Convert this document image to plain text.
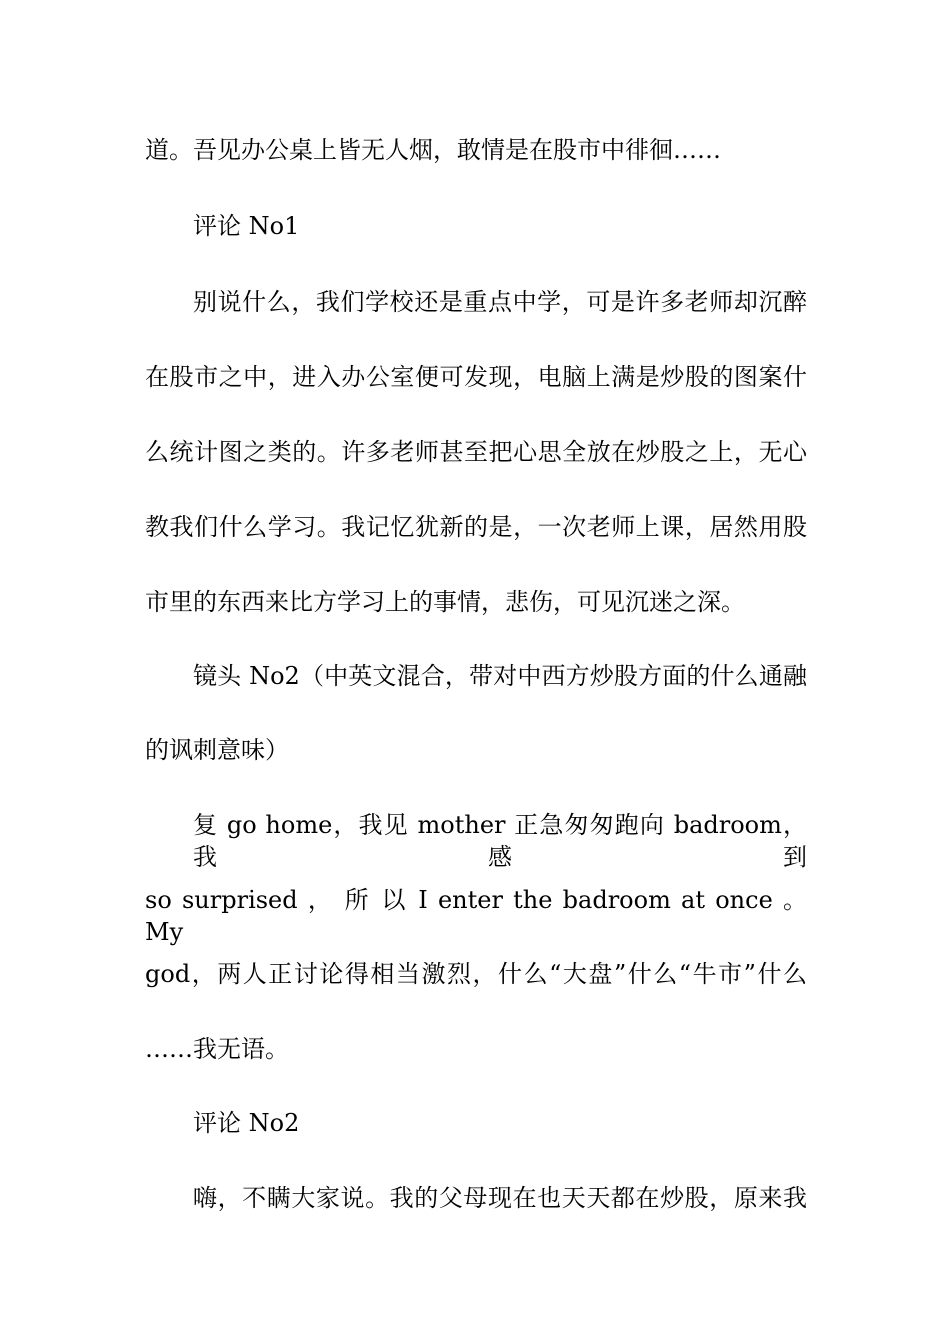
道。吾见办公桌上皆无人烟，敢情是在股市中徘徊……
评论 No1
别说什么，我们学校还是重点中学，可是许多老师却沉醉
在股市之中，进入办公室便可发现，电脑上满是炒股的图案什
么统计图之类的。许多老师甚至把心思全放在炒股之上，无心
教我们什么学习。我记忆犹新的是，一次老师上课，居然用股
市里的东西来比方学习上的事情，悲伤，可见沉迷之深。
镜头 No2（中英文混合，带对中西方炒股方面的什么通融
的讽刺意味）
复 go home，我见 mother 正急匆匆跑向 badroom，我感到
so surprised ， 所 以 I enter the badroom at once 。 My
god，两人正讨论得相当激烈，什么“大盘”什么“牛市”什么
……我无语。
评论 No2
嗨，不瞒大家说。我的父母现在也天天都在炒股，原来我
